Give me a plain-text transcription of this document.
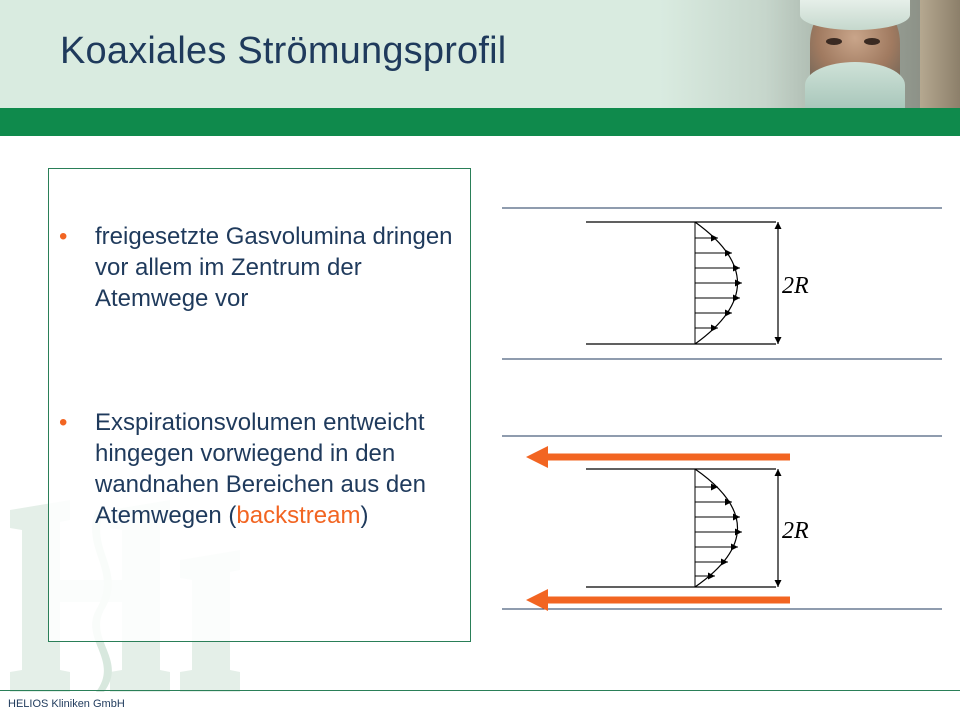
Koaxiales Strömungsprofil
• freigesetzte Gasvolumina dringen vor allem im Zentrum der Atemwege vor
• Exspirationsvolumen entweicht hingegen vorwiegend in den wandnahen Bereichen aus den Atemwegen (backstream)
2R
2R
HELIOS Kliniken GmbH
